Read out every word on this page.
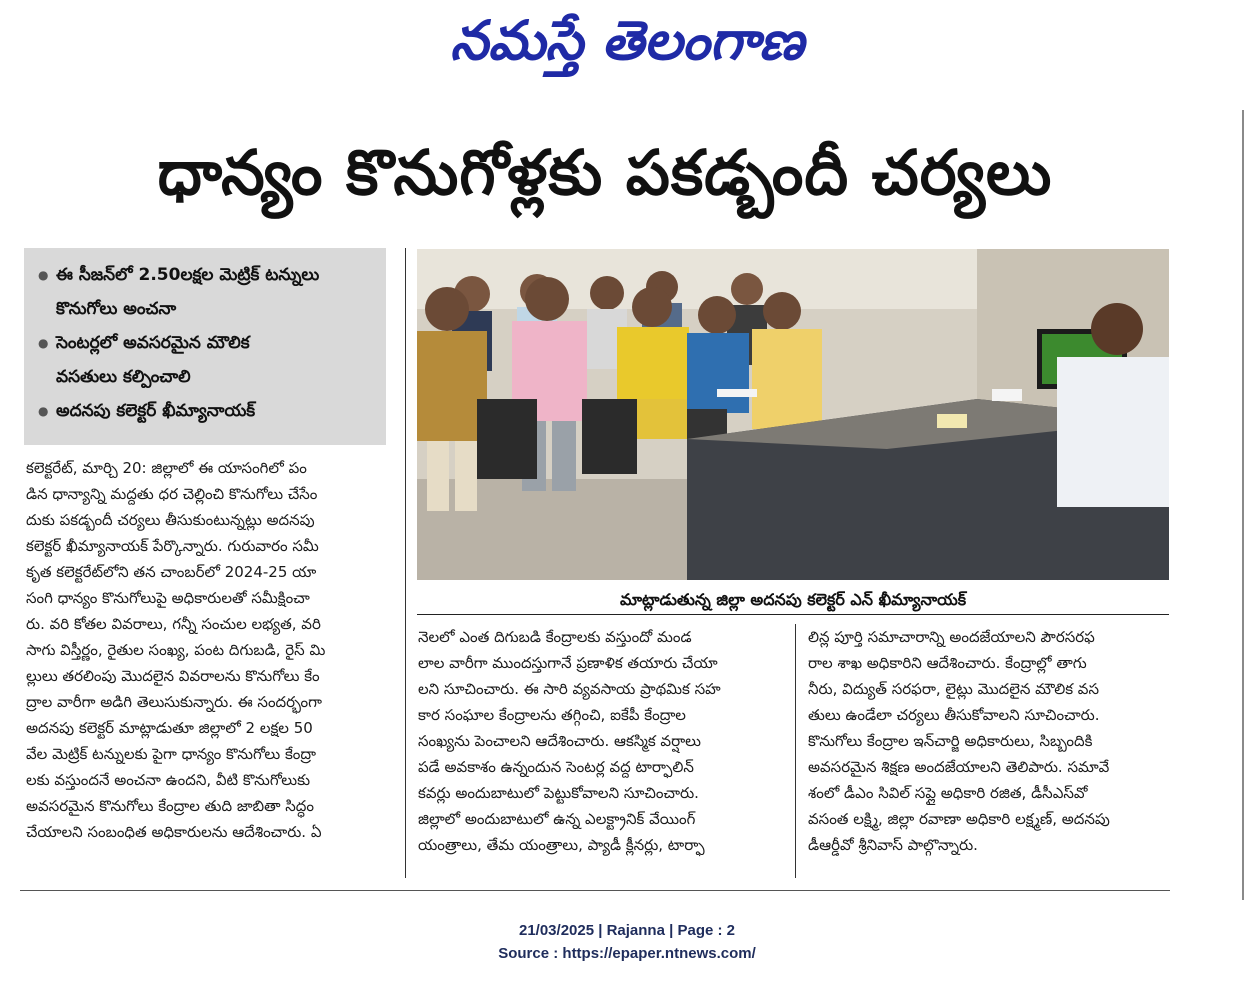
నమస్తే తెలంగాణ
ధాన్యం కొనుగోళ్లకు పకడ్బందీ చర్యలు
● ఈ సీజన్‌లో 2.50లక్షల మెట్రిక్ టన్నులు
కొనుగోలు అంచనా
● సెంటర్లలో అవసరమైన మౌలిక
వసతులు కల్పించాలి
● అదనపు కలెక్టర్ ఖీమ్యానాయక్
మాట్లాడుతున్న జిల్లా అదనపు కలెక్టర్ ఎన్ ఖీమ్యానాయక్

కలెక్టరేట్, మార్చి 20: జిల్లాలో ఈ యాసంగిలో పం

డిన ధాన్యాన్ని మద్దతు ధర చెల్లించి కొనుగోలు చేసేం

దుకు పకడ్బందీ చర్యలు తీసుకుంటున్నట్లు అదనపు

కలెక్టర్ ఖీమ్యానాయక్ పేర్కొన్నారు. గురువారం సమీ

కృత కలెక్టరేట్‌లోని తన చాంబర్‌లో 2024-25 యా

సంగి ధాన్యం కొనుగోలుపై అధికారులతో సమీక్షించా

రు. వరి కోతల వివరాలు, గన్నీ సంచుల లభ్యత, వరి

సాగు విస్తీర్ణం, రైతుల సంఖ్య, పంట దిగుబడి, రైస్ మి

ల్లులు తరలింపు మొదలైన వివరాలను కొనుగోలు కేం

ద్రాల వారీగా అడిగి తెలుసుకున్నారు. ఈ సందర్భంగా

అదనపు కలెక్టర్ మాట్లాడుతూ జిల్లాలో 2 లక్షల 50

వేల మెట్రిక్ టన్నులకు పైగా ధాన్యం కొనుగోలు కేంద్రా

లకు వస్తుందనే అంచనా ఉందని, వీటి కొనుగోలుకు

అవసరమైన కొనుగోలు కేంద్రాల తుది జాబితా సిద్ధం

చేయాలని సంబంధిత అధికారులను ఆదేశించారు. ఏ

నెలలో ఎంత దిగుబడి కేంద్రాలకు వస్తుందో మండ

లాల వారీగా ముందస్తుగానే ప్రణాళిక తయారు చేయా

లని సూచించారు. ఈ సారి వ్యవసాయ ప్రాథమిక సహ

కార సంఘాల కేంద్రాలను తగ్గించి, ఐకేపీ కేంద్రాల

సంఖ్యను పెంచాలని ఆదేశించారు. ఆకస్మిక వర్షాలు

పడే అవకాశం ఉన్నందున సెంటర్ల వద్ద టార్ఫాలిన్

కవర్లు అందుబాటులో పెట్టుకోవాలని సూచించారు.

జిల్లాలో అందుబాటులో ఉన్న ఎలక్ట్రానిక్ వేయింగ్

యంత్రాలు, తేమ యంత్రాలు, ప్యాడీ క్లీనర్లు, టార్ఫా

లిన్ల పూర్తి సమాచారాన్ని అందజేయాలని పౌరసరఫ

రాల శాఖ అధికారిని ఆదేశించారు. కేంద్రాల్లో తాగు

నీరు, విద్యుత్ సరఫరా, లైట్లు మొదలైన మౌలిక వస

తులు ఉండేలా చర్యలు తీసుకోవాలని సూచించారు.

కొనుగోలు కేంద్రాల ఇన్‌చార్జి అధికారులు, సిబ్బందికి

అవసరమైన శిక్షణ అందజేయాలని తెలిపారు. సమావే

శంలో డీఎం సివిల్ సప్లై అధికారి రజిత, డీసీఎస్‌వో

వసంత లక్ష్మి, జిల్లా రవాణా అధికారి లక్ష్మణ్, అదనపు

డీఆర్డీవో శ్రీనివాస్ పాల్గొన్నారు.

21/03/2025 | Rajanna | Page : 2
Source : https://epaper.ntnews.com/
